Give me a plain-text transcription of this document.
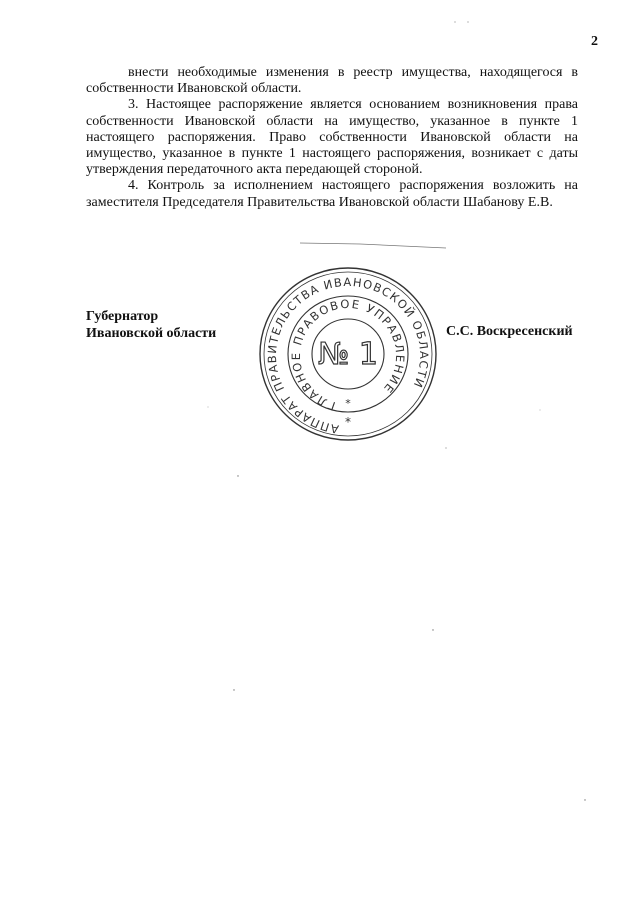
2

внести необходимые изменения в реестр имущества, находящегося в собственности Ивановской области.

3. Настоящее распоряжение является основанием возникновения права собственности Ивановской области на имущество, указанное в пункте 1 настоящего распоряжения. Право собственности Ивановской области на имущество, указанное в пункте 1 настоящего распоряжения, возникает с даты утверждения передаточного акта передающей стороной.

4. Контроль за исполнением настоящего распоряжения возложить на заместителя Председателя Правительства Ивановской области Шабанову Е.В.

Губернатор
Ивановской области
АППАРАТ ПРАВИТЕЛЬСТВА ИВАНОВСКОЙ ОБЛАСТИ
ГЛАВНОЕ ПРАВОВОЕ УПРАВЛЕНИЕ
№ 1
*
*
С.С. Воскресенский
